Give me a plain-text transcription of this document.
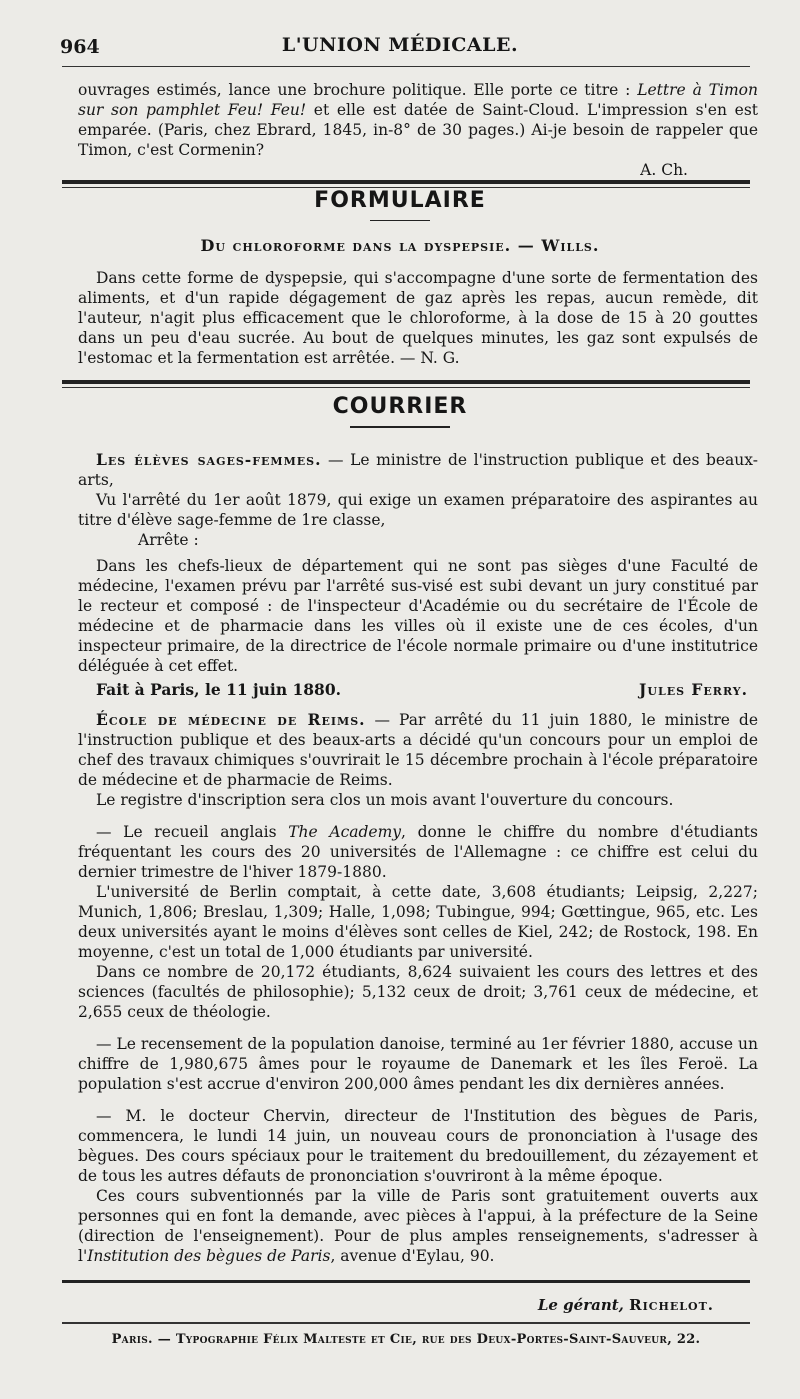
964	L'UNION MÉDICALE.

ouvrages estimés, lance une brochure politique. Elle porte ce titre : Lettre à Timon sur son pamphlet Feu! Feu! et elle est datée de Saint-Cloud. L'impression s'en est emparée. (Paris, chez Ebrard, 1845, in-8° de 30 pages.) Ai-je besoin de rappeler que Timon, c'est Cormenin?

A. Ch.

FORMULAIRE
Du chloroforme dans la dyspepsie. — Wills.

Dans cette forme de dyspepsie, qui s'accompagne d'une sorte de fermentation des aliments, et d'un rapide dégagement de gaz après les repas, aucun remède, dit l'auteur, n'agit plus efficacement que le chloroforme, à la dose de 15 à 20 gouttes dans un peu d'eau sucrée. Au bout de quelques minutes, les gaz sont expulsés de l'estomac et la fermentation est arrêtée. — N. G.

COURRIER

Les élèves sages-femmes. — Le ministre de l'instruction publique et des beaux-arts,

Vu l'arrêté du 1er août 1879, qui exige un examen préparatoire des aspirantes au titre d'élève sage-femme de 1re classe,

Arrête :

Dans les chefs-lieux de département qui ne sont pas sièges d'une Faculté de médecine, l'examen prévu par l'arrêté sus-visé est subi devant un jury constitué par le recteur et composé : de l'inspecteur d'Académie ou du secrétaire de l'École de médecine et de pharmacie dans les villes où il existe une de ces écoles, d'un inspecteur primaire, de la directrice de l'école normale primaire ou d'une institutrice déléguée à cet effet.

Fait à Paris, le 11 juin 1880.	Jules Ferry.

École de médecine de Reims. — Par arrêté du 11 juin 1880, le ministre de l'instruction publique et des beaux-arts a décidé qu'un concours pour un emploi de chef des travaux chimiques s'ouvrirait le 15 décembre prochain à l'école préparatoire de médecine et de pharmacie de Reims.

Le registre d'inscription sera clos un mois avant l'ouverture du concours.

— Le recueil anglais The Academy, donne le chiffre du nombre d'étudiants fréquentant les cours des 20 universités de l'Allemagne : ce chiffre est celui du dernier trimestre de l'hiver 1879-1880.

L'université de Berlin comptait, à cette date, 3,608 étudiants; Leipsig, 2,227; Munich, 1,806; Breslau, 1,309; Halle, 1,098; Tubingue, 994; Gœttingue, 965, etc. Les deux universités ayant le moins d'élèves sont celles de Kiel, 242; de Rostock, 198. En moyenne, c'est un total de 1,000 étudiants par université.

Dans ce nombre de 20,172 étudiants, 8,624 suivaient les cours des lettres et des sciences (facultés de philosophie); 5,132 ceux de droit; 3,761 ceux de médecine, et 2,655 ceux de théologie.

— Le recensement de la population danoise, terminé au 1er février 1880, accuse un chiffre de 1,980,675 âmes pour le royaume de Danemark et les îles Feroë. La population s'est accrue d'environ 200,000 âmes pendant les dix dernières années.

— M. le docteur Chervin, directeur de l'Institution des bègues de Paris, commencera, le lundi 14 juin, un nouveau cours de prononciation à l'usage des bègues. Des cours spéciaux pour le traitement du bredouillement, du zézayement et de tous les autres défauts de prononciation s'ouvriront à la même époque.

Ces cours subventionnés par la ville de Paris sont gratuitement ouverts aux personnes qui en font la demande, avec pièces à l'appui, à la préfecture de la Seine (direction de l'enseignement). Pour de plus amples renseignements, s'adresser à l'Institution des bègues de Paris, avenue d'Eylau, 90.

Le gérant, Richelot.
Paris. — Typographie Félix Malteste et Cie, rue des Deux-Portes-Saint-Sauveur, 22.
